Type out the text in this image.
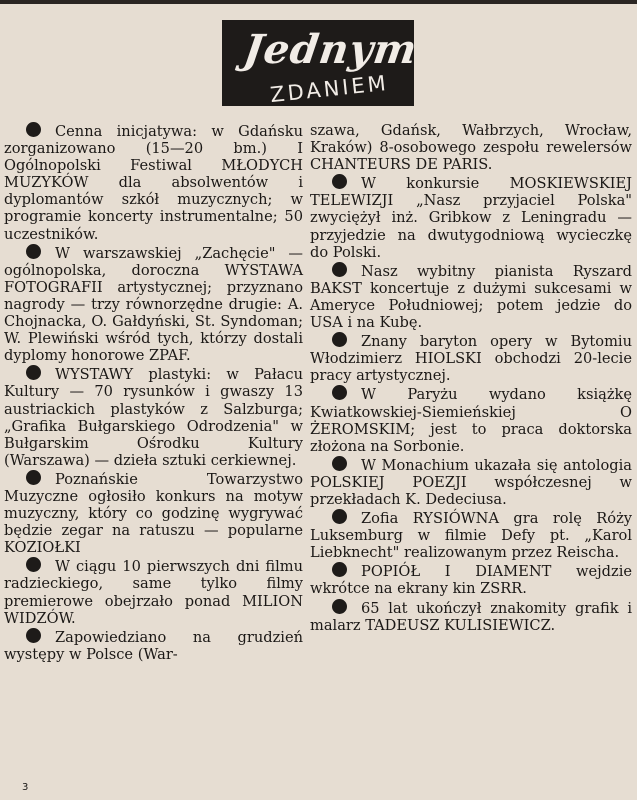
Jednym
ZDANIEM

Cenna inicjatywa: w Gdańsku zorganizowano (15—20 bm.) I Ogólnopolski Festiwal MŁODYCH MUZYKÓW dla absolwentów i dyplomantów szkół muzycznych; w programie koncerty instrumentalne; 50 uczestników.

W warszawskiej „Zachęcie" — ogólnopolska, doroczna WYSTAWA FOTOGRAFII artystycznej; przyznano nagrody — trzy równorzędne drugie: A. Chojnacka, O. Gałdyński, St. Syndoman; W. Plewiński wśród tych, którzy dostali dyplomy honorowe ZPAF.

WYSTAWY plastyki: w Pałacu Kultury — 70 rysunków i gwaszy 13 austriackich plastyków z Salzburga; „Grafika Bułgarskiego Odrodzenia" w Bułgarskim Ośrodku Kultury (Warszawa) — dzieła sztuki cerkiewnej.

Poznańskie Towarzystwo Muzyczne ogłosiło konkurs na motyw muzyczny, który co godzinę wygrywać będzie zegar na ratuszu — popularne KOZIOŁKI

W ciągu 10 pierwszych dni filmu radzieckiego, same tylko filmy premierowe obejrzało ponad MILION WIDZÓW.

Zapowiedziano na grudzień występy w Polsce (War-

szawa, Gdańsk, Wałbrzych, Wrocław, Kraków) 8-osobowego zespołu rewelersów CHANTEURS DE PARIS.

W konkursie MOSKIEWSKIEJ TELEWIZJI „Nasz przyjaciel Polska" zwyciężył inż. Gribkow z Leningradu — przyjedzie na dwutygodniową wycieczkę do Polski.

Nasz wybitny pianista Ryszard BAKST koncertuje z dużymi sukcesami w Ameryce Południowej; potem jedzie do USA i na Kubę.

Znany baryton opery w Bytomiu Włodzimierz HIOLSKI obchodzi 20-lecie pracy artystycznej.

W Paryżu wydano książkę Kwiatkowskiej-Siemieńskiej O ŻEROMSKIM; jest to praca doktorska złożona na Sorbonie.

W Monachium ukazała się antologia POLSKIEJ POEZJI współczesnej w przekładach K. Dedeciusa.

Zofia RYSIÓWNA gra rolę Róży Luksemburg w filmie Defy pt. „Karol Liebknecht" realizowanym przez Reischa.

POPIÓŁ I DIAMENT wejdzie wkrótce na ekrany kin ZSRR.

65 lat ukończył znakomity grafik i malarz TADEUSZ KULISIEWICZ.

3
